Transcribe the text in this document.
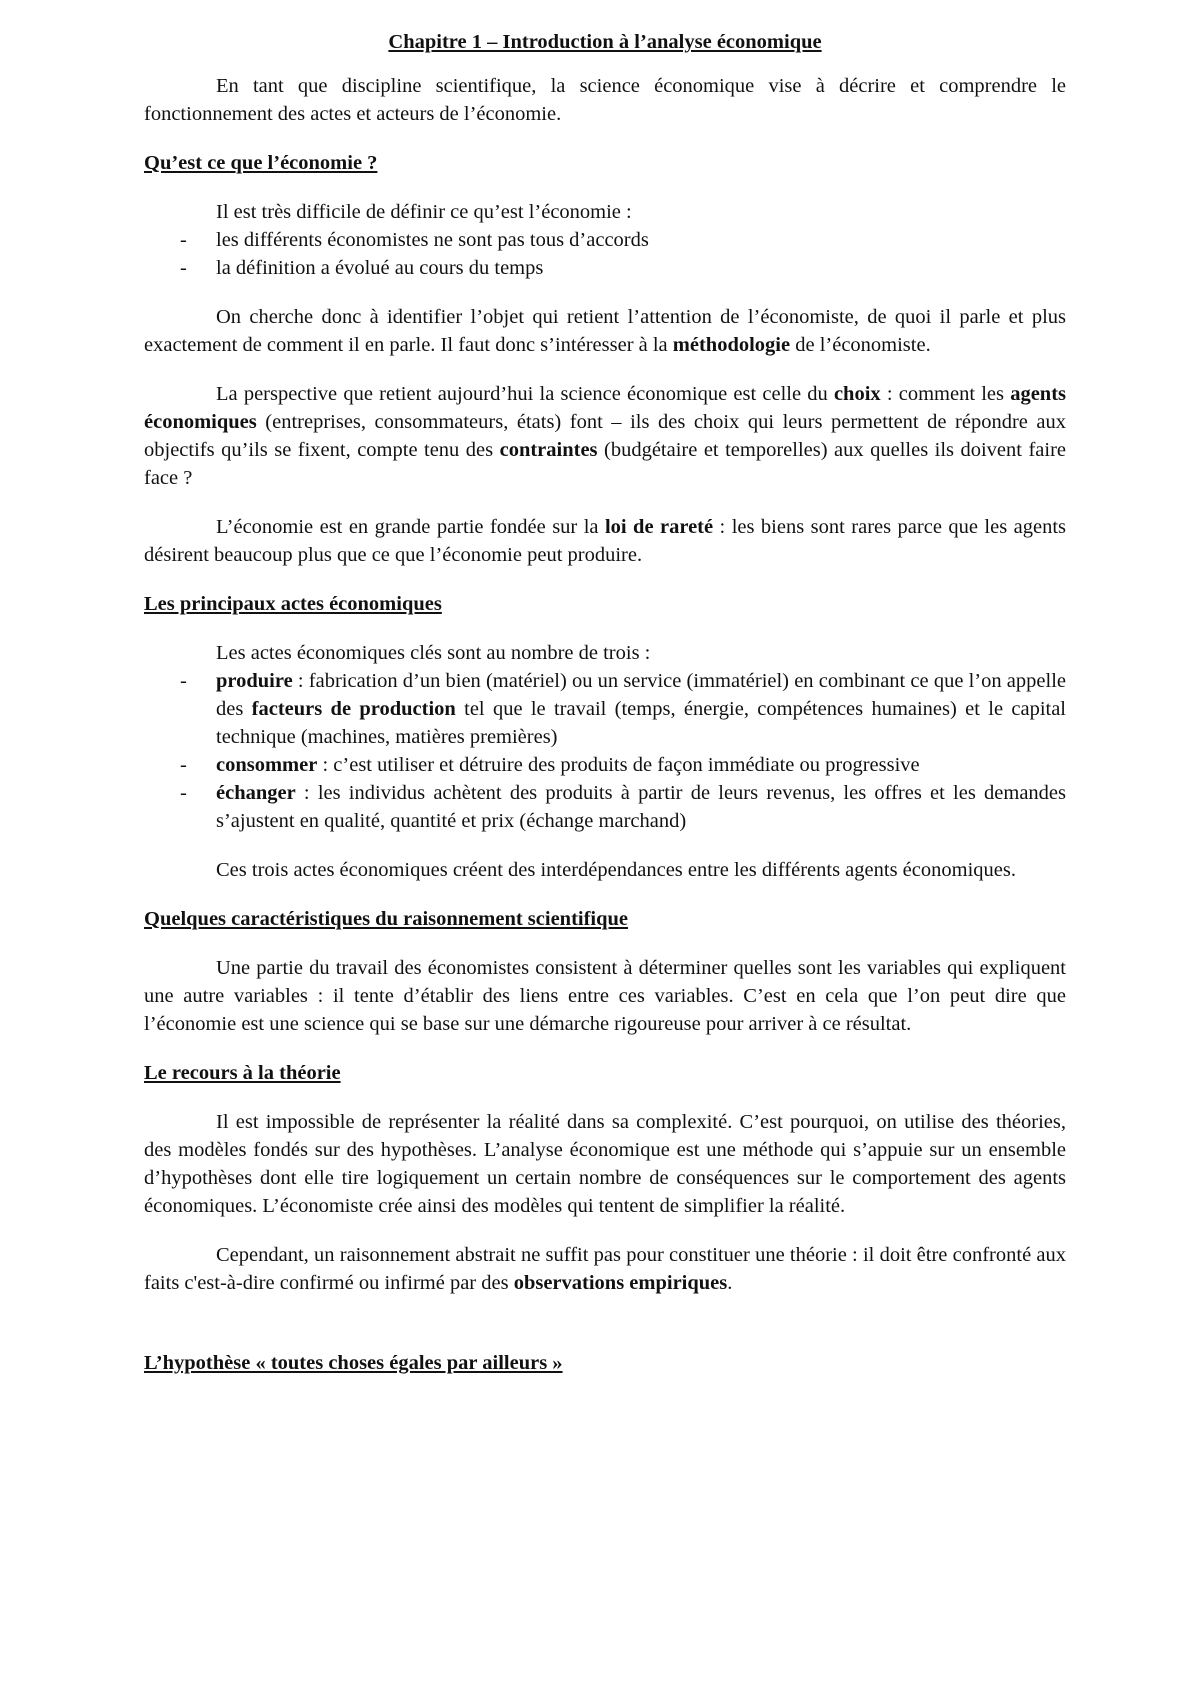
Chapitre 1 – Introduction à l’analyse économique

En tant que discipline scientifique, la science économique vise à décrire et comprendre le fonctionnement des actes et acteurs de l’économie.

Qu’est ce que l’économie ?

Il est très difficile de définir ce qu’est l’économie :

- les différents économistes ne sont pas tous d’accords
- la définition a évolué au cours du temps

On cherche donc à identifier l’objet qui retient l’attention de l’économiste, de quoi il parle et plus exactement de comment il en parle. Il faut donc s’intéresser à la méthodologie de l’économiste.

La perspective que retient aujourd’hui la science économique est celle du choix : comment les agents économiques (entreprises, consommateurs, états) font – ils des choix qui leurs permettent de répondre aux objectifs qu’ils se fixent, compte tenu des contraintes (budgétaire et temporelles) aux quelles ils doivent faire face ?

L’économie est en grande partie fondée sur la loi de rareté : les biens sont rares parce que les agents désirent beaucoup plus que ce que l’économie peut produire.

Les principaux actes économiques

Les actes économiques clés sont au nombre de trois :

- produire : fabrication d’un bien (matériel) ou un service (immatériel) en combinant ce que l’on appelle des facteurs de production tel que le travail (temps, énergie, compétences humaines) et le capital technique (machines, matières premières)
- consommer : c’est utiliser et détruire des produits de façon immédiate ou progressive
- échanger : les individus achètent des produits à partir de leurs revenus, les offres et les demandes s’ajustent en qualité, quantité et prix (échange marchand)

Ces trois actes économiques créent des interdépendances entre les différents agents économiques.

Quelques caractéristiques du raisonnement scientifique

Une partie du travail des économistes consistent à déterminer quelles sont les variables qui expliquent une autre variables : il tente d’établir des liens entre ces variables. C’est en cela que l’on peut dire que l’économie est une science qui se base sur une démarche rigoureuse pour arriver à ce résultat.

Le recours à la théorie

Il est impossible de représenter la réalité dans sa complexité. C’est pourquoi, on utilise des théories, des modèles fondés sur des hypothèses. L’analyse économique est une méthode qui s’appuie sur un ensemble d’hypothèses dont elle tire logiquement un certain nombre de conséquences sur le comportement des agents économiques. L’économiste crée ainsi des modèles qui tentent de simplifier la réalité.

Cependant, un raisonnement abstrait ne suffit pas pour constituer une théorie : il doit être confronté aux faits c'est-à-dire confirmé ou infirmé par des observations empiriques.

L’hypothèse « toutes choses égales par ailleurs »
